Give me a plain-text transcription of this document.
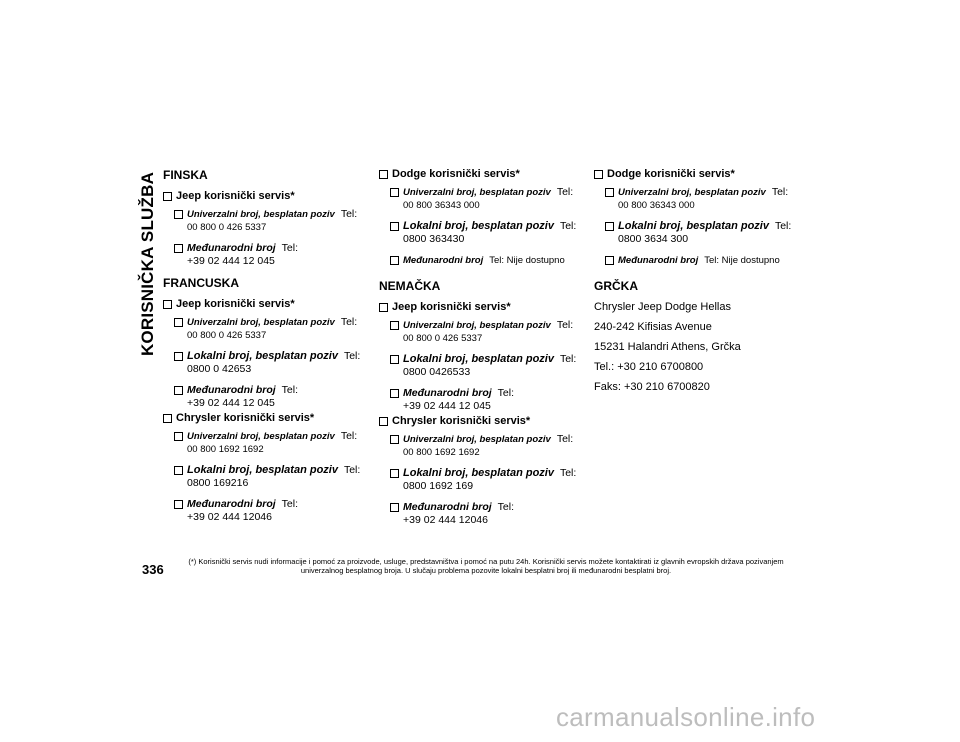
KORISNIČKA SLUŽBA FINSKA
Jeep korisnički servis*
Univerzalni broj, besplatan poziv Tel:
00 800 0 426 5337
Međunarodni broj Tel:
+39 02 444 12 045
FRANCUSKA
Jeep korisnički servis*
Univerzalni broj, besplatan poziv Tel:
00 800 0 426 5337
Lokalni broj, besplatan poziv Tel:
0800 0 42653
Međunarodni broj Tel:
+39 02 444 12 045
Chrysler korisnički servis*
Univerzalni broj, besplatan poziv Tel:
00 800 1692 1692
Lokalni broj, besplatan poziv Tel:
0800 169216
Međunarodni broj Tel:
+39 02 444 12046
Dodge korisnički servis*
Univerzalni broj, besplatan poziv Tel:
00 800 36343 000
Lokalni broj, besplatan poziv Tel:
0800 363430
Međunarodni broj Tel: Nije dostupno
NEMAČKA
Jeep korisnički servis*
Univerzalni broj, besplatan poziv Tel:
00 800 0 426 5337
Lokalni broj, besplatan poziv Tel:
0800 0426533
Međunarodni broj Tel:
+39 02 444 12 045
Chrysler korisnički servis*
Univerzalni broj, besplatan poziv Tel:
00 800 1692 1692
Lokalni broj, besplatan poziv Tel:
0800 1692 169
Međunarodni broj Tel:
+39 02 444 12046
Dodge korisnički servis*
Univerzalni broj, besplatan poziv Tel:
00 800 36343 000
Lokalni broj, besplatan poziv Tel:
0800 3634 300
Međunarodni broj Tel: Nije dostupno
GRČKA
Chrysler Jeep Dodge Hellas
240-242 Kifisias Avenue
15231 Halandri Athens, Grčka
Tel.: +30 210 6700800
Faks: +30 210 6700820
336
(*) Korisnički servis nudi informacije i pomoć za proizvode, usluge, predstavništva i pomoć na putu 24h. Korisnički servis možete kontaktirati iz glavnih evropskih država pozivanjem univerzalnog besplatnog broja. U slučaju problema pozovite lokalni besplatni broj ili međunarodni besplatni broj.
carmanualsonline.info
